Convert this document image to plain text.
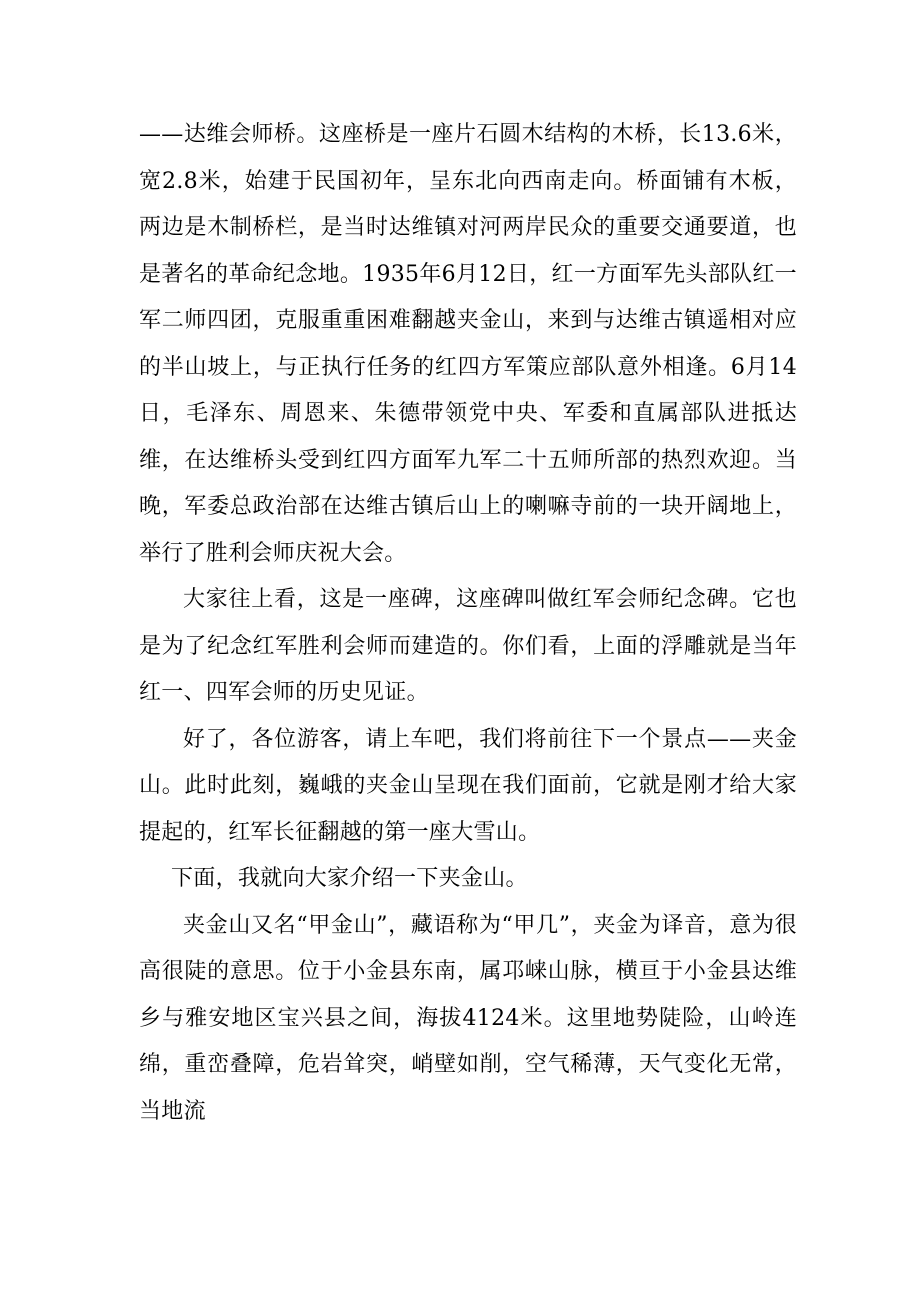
——达维会师桥。这座桥是一座片石圆木结构的木桥，长13.6米，宽2.8米，始建于民国初年，呈东北向西南走向。桥面铺有木板，两边是木制桥栏，是当时达维镇对河两岸民众的重要交通要道，也是著名的革命纪念地。1935年6月12日，红一方面军先头部队红一军二师四团，克服重重困难翻越夹金山，来到与达维古镇遥相对应的半山坡上，与正执行任务的红四方军策应部队意外相逢。6月14日，毛泽东、周恩来、朱德带领党中央、军委和直属部队进抵达维，在达维桥头受到红四方面军九军二十五师所部的热烈欢迎。当晚，军委总政治部在达维古镇后山上的喇嘛寺前的一块开阔地上，举行了胜利会师庆祝大会。

大家往上看，这是一座碑，这座碑叫做红军会师纪念碑。它也是为了纪念红军胜利会师而建造的。你们看，上面的浮雕就是当年红一、四军会师的历史见证。

好了，各位游客，请上车吧，我们将前往下一个景点——夹金山。此时此刻，巍峨的夹金山呈现在我们面前，它就是刚才给大家提起的，红军长征翻越的第一座大雪山。

下面，我就向大家介绍一下夹金山。

夹金山又名“甲金山”，藏语称为“甲几”，夹金为译音，意为很高很陡的意思。位于小金县东南，属邛崃山脉，横亘于小金县达维乡与雅安地区宝兴县之间，海拔4124米。这里地势陡险，山岭连绵，重峦叠障，危岩耸突，峭壁如削，空气稀薄，天气变化无常，当地流
